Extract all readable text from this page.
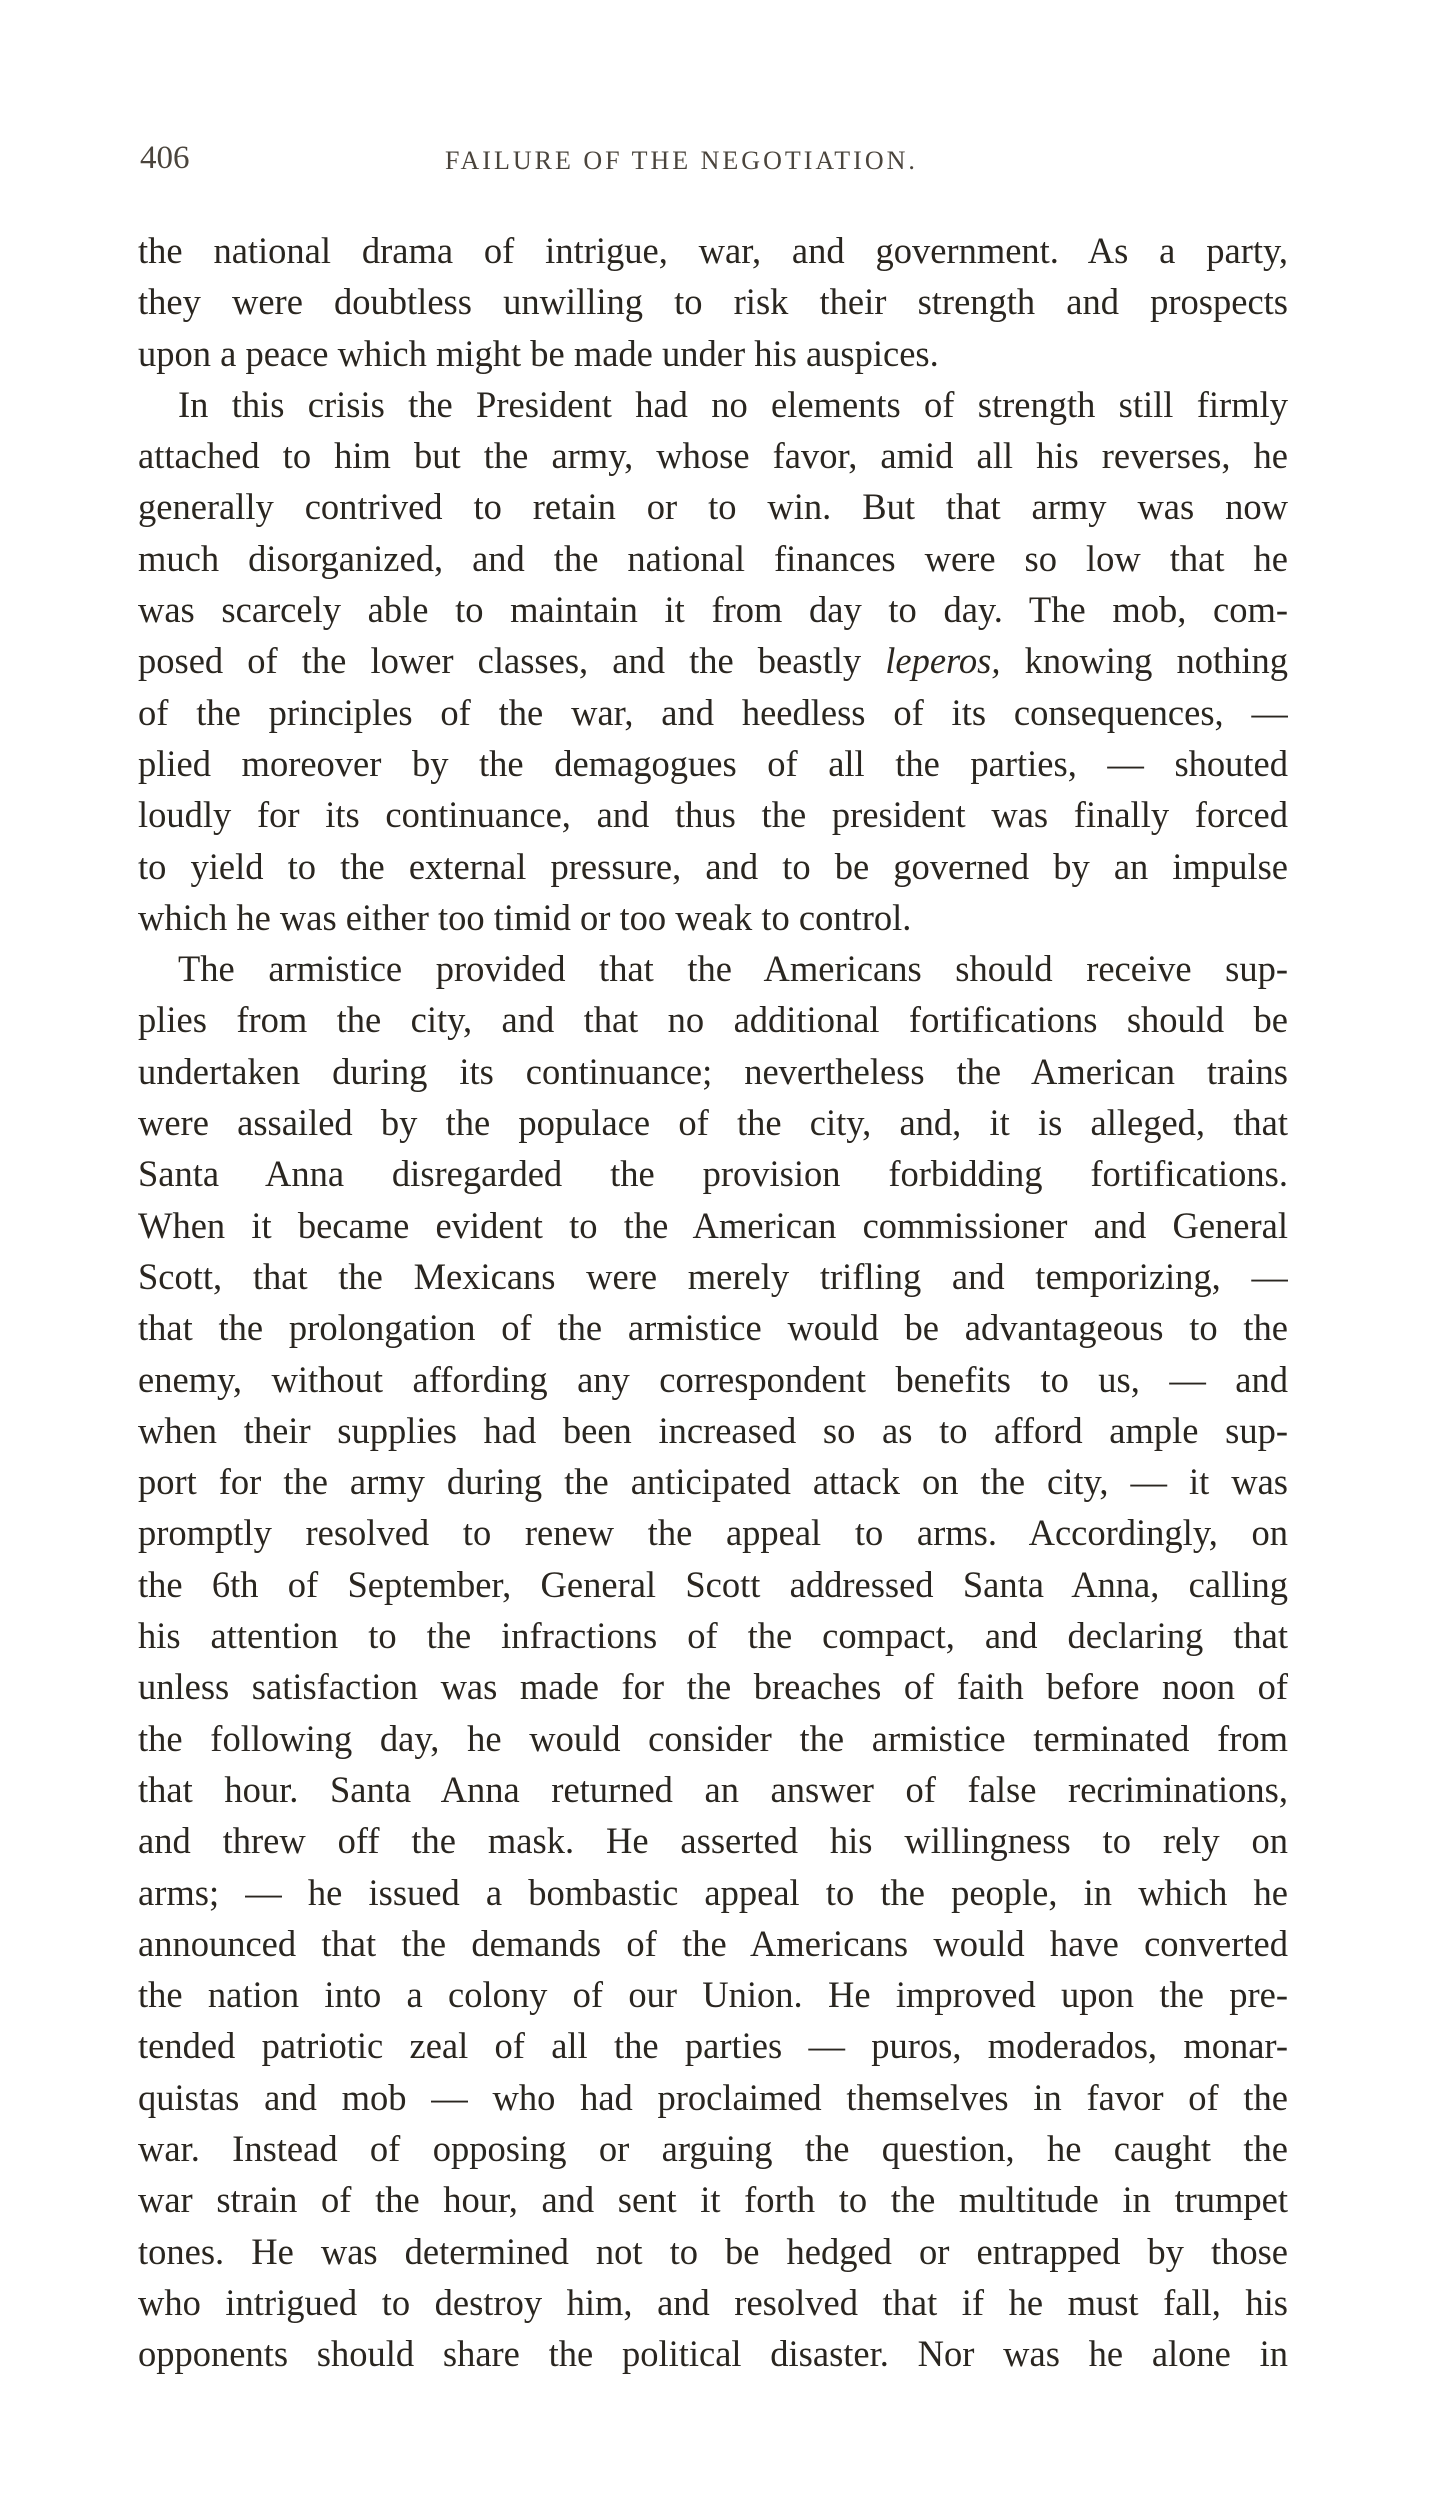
406	FAILURE OF THE NEGOTIATION.
the national drama of intrigue, war, and government. As a party,
they were doubtless unwilling to risk their strength and prospects
upon a peace which might be made under his auspices.
In this crisis the President had no elements of strength still firmly
attached to him but the army, whose favor, amid all his reverses, he
generally contrived to retain or to win. But that army was now
much disorganized, and the national finances were so low that he
was scarcely able to maintain it from day to day. The mob, com-
posed of the lower classes, and the beastly leperos, knowing nothing
of the principles of the war, and heedless of its consequences, —
plied moreover by the demagogues of all the parties, — shouted
loudly for its continuance, and thus the president was finally forced
to yield to the external pressure, and to be governed by an impulse
which he was either too timid or too weak to control.
The armistice provided that the Americans should receive sup-
plies from the city, and that no additional fortifications should be
undertaken during its continuance; nevertheless the American trains
were assailed by the populace of the city, and, it is alleged, that
Santa Anna disregarded the provision forbidding fortifications.
When it became evident to the American commissioner and General
Scott, that the Mexicans were merely trifling and temporizing, —
that the prolongation of the armistice would be advantageous to the
enemy, without affording any correspondent benefits to us, — and
when their supplies had been increased so as to afford ample sup-
port for the army during the anticipated attack on the city, — it was
promptly resolved to renew the appeal to arms. Accordingly, on
the 6th of September, General Scott addressed Santa Anna, calling
his attention to the infractions of the compact, and declaring that
unless satisfaction was made for the breaches of faith before noon of
the following day, he would consider the armistice terminated from
that hour. Santa Anna returned an answer of false recriminations,
and threw off the mask. He asserted his willingness to rely on
arms; — he issued a bombastic appeal to the people, in which he
announced that the demands of the Americans would have converted
the nation into a colony of our Union. He improved upon the pre-
tended patriotic zeal of all the parties — puros, moderados, monar-
quistas and mob — who had proclaimed themselves in favor of the
war. Instead of opposing or arguing the question, he caught the
war strain of the hour, and sent it forth to the multitude in trumpet
tones. He was determined not to be hedged or entrapped by those
who intrigued to destroy him, and resolved that if he must fall, his
opponents should share the political disaster. Nor was he alone in
